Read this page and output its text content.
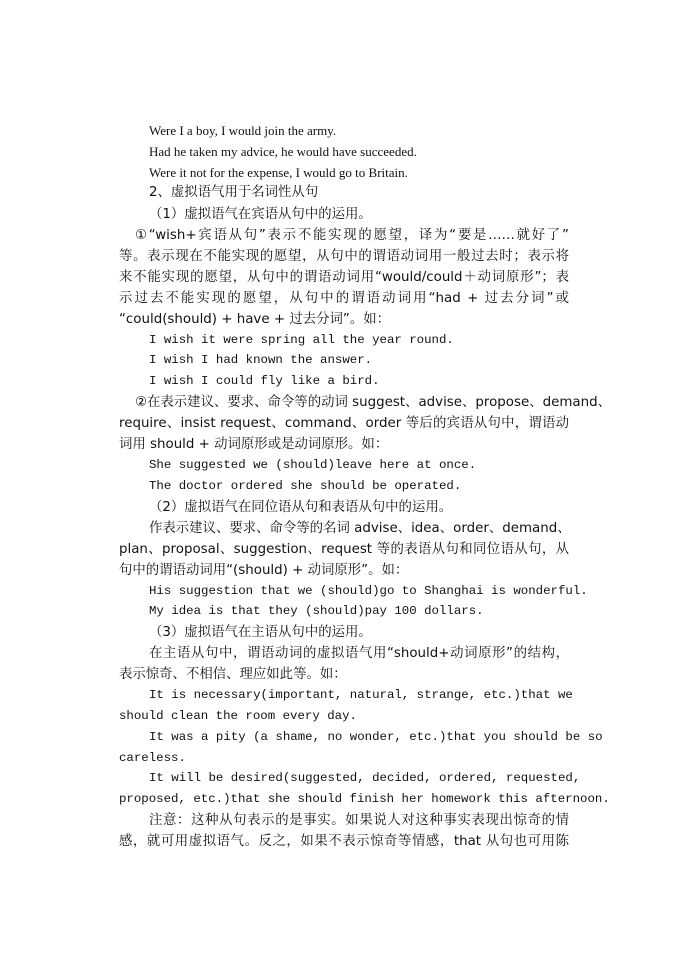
Were I a boy, I would join the army.
Had he taken my advice, he would have succeeded.
Were it not for the expense, I would go to Britain.
2、虚拟语气用于名词性从句
（1）虚拟语气在宾语从句中的运用。
①“wish+宾语从句”表示不能实现的愿望，译为“要是……就好了”
等。表示现在不能实现的愿望，从句中的谓语动词用一般过去时；表示将
来不能实现的愿望，从句中的谓语动词用“would/could＋动词原形”；表
示过去不能实现的愿望，从句中的谓语动词用“had + 过去分词”或
“could(should) + have + 过去分词”。如：
I wish it were spring all the year round.
I wish I had known the answer.
I wish I could fly like a bird.
②在表示建议、要求、命令等的动词 suggest、advise、propose、demand、
require、insist request、command、order 等后的宾语从句中，谓语动
词用 should + 动词原形或是动词原形。如：
She suggested we (should)leave here at once.
The doctor ordered she should be operated.
（2）虚拟语气在同位语从句和表语从句中的运用。
作表示建议、要求、命令等的名词 advise、idea、order、demand、
plan、proposal、suggestion、request 等的表语从句和同位语从句，从
句中的谓语动词用“(should) + 动词原形”。如：
His suggestion that we (should)go to Shanghai is wonderful.
My idea is that they (should)pay 100 dollars.
（3）虚拟语气在主语从句中的运用。
在主语从句中，谓语动词的虚拟语气用“should+动词原形”的结构，
表示惊奇、不相信、理应如此等。如：
It is necessary(important, natural, strange, etc.)that we
should clean the room every day.
It was a pity (a shame, no wonder, etc.)that you should be so
careless.
It will be desired(suggested, decided, ordered, requested,
proposed, etc.)that she should finish her homework this afternoon.
注意：这种从句表示的是事实。如果说人对这种事实表现出惊奇的情
感，就可用虚拟语气。反之，如果不表示惊奇等情感，that 从句也可用陈
